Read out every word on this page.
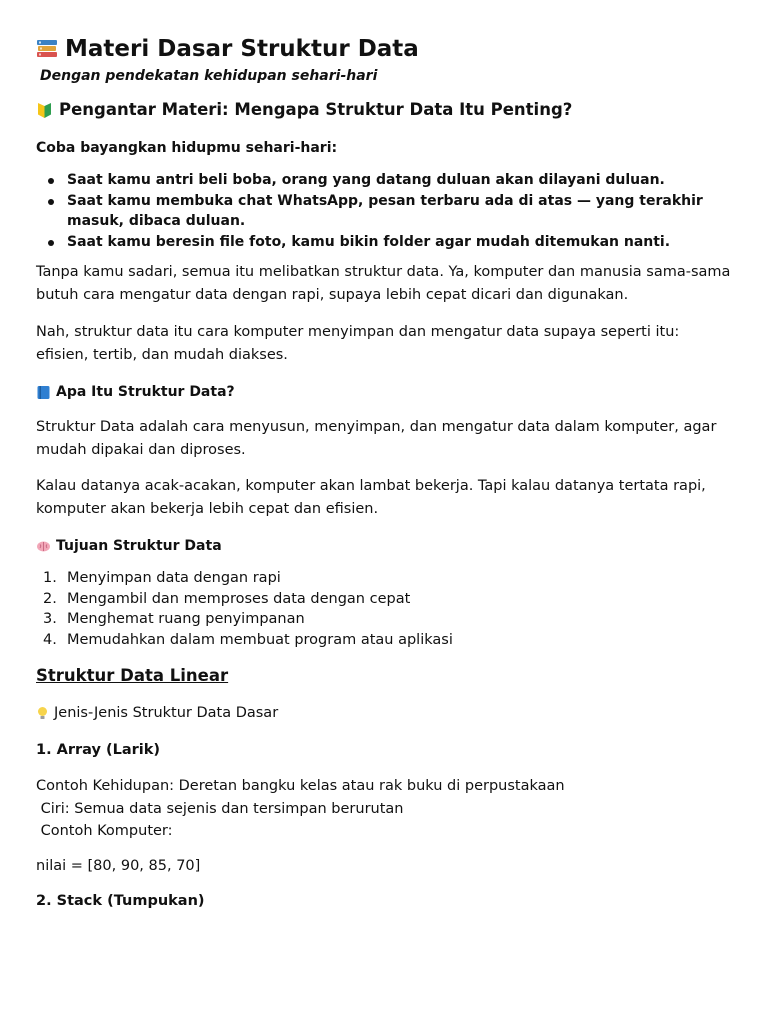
Materi Dasar Struktur Data

Dengan pendekatan kehidupan sehari-hari

Pengantar Materi: Mengapa Struktur Data Itu Penting?

Coba bayangkan hidupmu sehari-hari:

Saat kamu antri beli boba, orang yang datang duluan akan dilayani duluan.
Saat kamu membuka chat WhatsApp, pesan terbaru ada di atas — yang terakhir masuk, dibaca duluan.
Saat kamu beresin file foto, kamu bikin folder agar mudah ditemukan nanti.

Tanpa kamu sadari, semua itu melibatkan struktur data. Ya, komputer dan manusia sama-sama butuh cara mengatur data dengan rapi, supaya lebih cepat dicari dan digunakan.

Nah, struktur data itu cara komputer menyimpan dan mengatur data supaya seperti itu: efisien, tertib, dan mudah diakses.

Apa Itu Struktur Data?

Struktur Data adalah cara menyusun, menyimpan, dan mengatur data dalam komputer, agar mudah dipakai dan diproses.

Kalau datanya acak-acakan, komputer akan lambat bekerja. Tapi kalau datanya tertata rapi, komputer akan bekerja lebih cepat dan efisien.

Tujuan Struktur Data
1. Menyimpan data dengan rapi
2. Mengambil dan memproses data dengan cepat
3. Menghemat ruang penyimpanan
4. Memudahkan dalam membuat program atau aplikasi
Struktur Data Linear

Jenis-Jenis Struktur Data Dasar

1. Array (Larik)

Contoh Kehidupan: Deretan bangku kelas atau rak buku di perpustakaan

Ciri: Semua data sejenis dan tersimpan berurutan

Contoh Komputer:

nilai = [80, 90, 85, 70]

2. Stack (Tumpukan)
